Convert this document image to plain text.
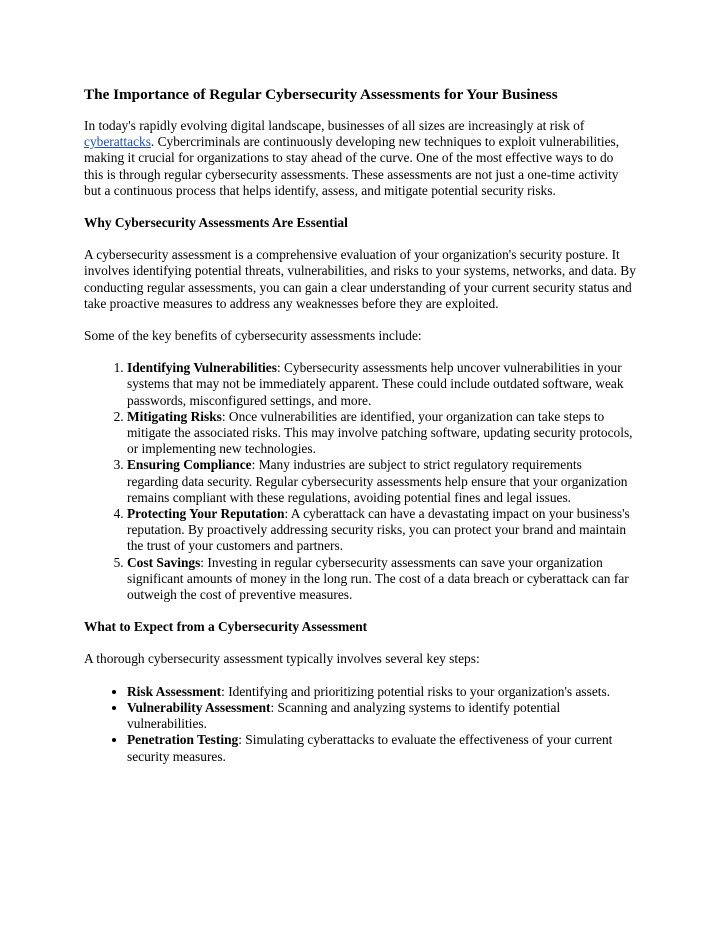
The Importance of Regular Cybersecurity Assessments for Your Business

In today's rapidly evolving digital landscape, businesses of all sizes are increasingly at risk of cyberattacks. Cybercriminals are continuously developing new techniques to exploit vulnerabilities, making it crucial for organizations to stay ahead of the curve. One of the most effective ways to do this is through regular cybersecurity assessments. These assessments are not just a one-time activity but a continuous process that helps identify, assess, and mitigate potential security risks.

Why Cybersecurity Assessments Are Essential

A cybersecurity assessment is a comprehensive evaluation of your organization's security posture. It involves identifying potential threats, vulnerabilities, and risks to your systems, networks, and data. By conducting regular assessments, you can gain a clear understanding of your current security status and take proactive measures to address any weaknesses before they are exploited.

Some of the key benefits of cybersecurity assessments include:

1. Identifying Vulnerabilities: Cybersecurity assessments help uncover vulnerabilities in your systems that may not be immediately apparent. These could include outdated software, weak passwords, misconfigured settings, and more.
2. Mitigating Risks: Once vulnerabilities are identified, your organization can take steps to mitigate the associated risks. This may involve patching software, updating security protocols, or implementing new technologies.
3. Ensuring Compliance: Many industries are subject to strict regulatory requirements regarding data security. Regular cybersecurity assessments help ensure that your organization remains compliant with these regulations, avoiding potential fines and legal issues.
4. Protecting Your Reputation: A cyberattack can have a devastating impact on your business's reputation. By proactively addressing security risks, you can protect your brand and maintain the trust of your customers and partners.
5. Cost Savings: Investing in regular cybersecurity assessments can save your organization significant amounts of money in the long run. The cost of a data breach or cyberattack can far outweigh the cost of preventive measures.
What to Expect from a Cybersecurity Assessment

A thorough cybersecurity assessment typically involves several key steps:

• Risk Assessment: Identifying and prioritizing potential risks to your organization's assets.
• Vulnerability Assessment: Scanning and analyzing systems to identify potential vulnerabilities.
• Penetration Testing: Simulating cyberattacks to evaluate the effectiveness of your current security measures.
